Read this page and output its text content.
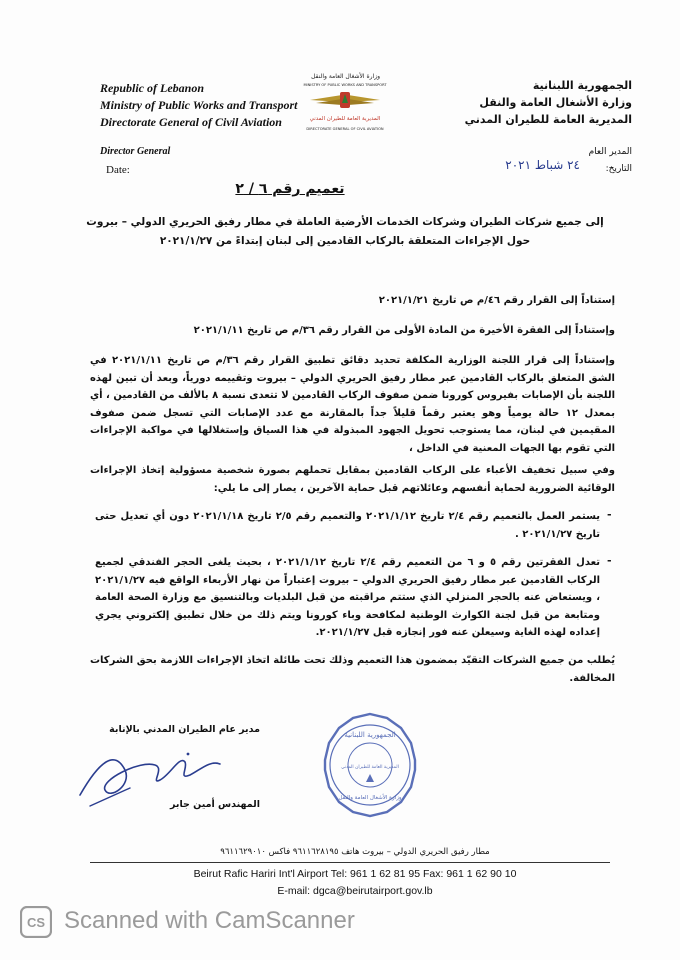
Republic of Lebanon
Ministry of Public Works and Transport
Directorate General of Civil Aviation
Director General
Date:
وزارة الأشغال العامة والنقل
MINISTRY OF PUBLIC WORKS AND TRANSPORT
المديرية العامة للطيران المدني
DIRECTORATE GENERAL OF CIVIL AVIATION
الجمهورية اللبنانية
وزارة الأشغال العامة والنقل
المديرية العامة للطيران المدني
المدير العام
التاريخ:
٢٤ شباط ٢٠٢١
تعميم رقم ٦ / ٢
إلى جميع شركات الطيران وشركات الخدمات الأرضية العاملة في مطار رفيق الحريري الدولي – بيروت
حول الإجراءات المتعلقة بالركاب القادمين إلى لبنان إبتداءً من ٢٠٢١/١/٢٧
إستناداً إلى القرار رقم ٤٦/م ص تاريخ ٢٠٢١/١/٢١
وإستناداً إلى الفقرة الأخيرة من المادة الأولى من القرار رقم ٣٦/م ص تاريخ ٢٠٢١/١/١١
وإستناداً إلى قرار اللجنة الوزارية المكلفة تحديد دقائق تطبيق القرار رقم ٣٦/م ص تاريخ ٢٠٢١/١/١١ في الشق المتعلق بالركاب القادمين عبر مطار رفيق الحريري الدولي – بيروت وتقييمه دورياً، وبعد أن تبين لهذه اللجنة بأن الإصابات بفيروس كورونا ضمن صفوف الركاب القادمين لا تتعدى نسبة ٨ بالألف من القادمين ، أي بمعدل ١٢ حالة يومياً وهو يعتبر رقماً قليلاً جداً بالمقارنة مع عدد الإصابات التي تسجل ضمن صفوف المقيمين في لبنان، مما يستوجب تحويل الجهود المبذولة في هذا السياق وإستغلالها في مواكبة الإجراءات التي تقوم بها الجهات المعنية في الداخل ،
وفي سبيل تخفيف الأعباء على الركاب القادمين بمقابل تحملهم بصورة شخصية مسؤولية إتخاذ الإجراءات الوقائية الضرورية لحماية أنفسهم وعائلاتهم قبل حماية الآخرين ، يصار إلى ما يلي:
يستمر العمل بالتعميم رقم ٢/٤ تاريخ ٢٠٢١/١/١٢ والتعميم رقم ٢/٥ تاريخ ٢٠٢١/١/١٨ دون أي تعديل حتى تاريخ ٢٠٢١/١/٢٧ .
-
تعدل الفقرتين رقم ٥ و ٦ من التعميم رقم ٢/٤ تاريخ ٢٠٢١/١/١٢ ، بحيث يلغى الحجر الفندقي لجميع الركاب القادمين عبر مطار رفيق الحريري الدولي – بيروت إعتباراً من نهار الأربعاء الواقع فيه ٢٠٢١/١/٢٧ ، ويستعاض عنه بالحجر المنزلي الذي ستتم مراقبته من قبل البلديات وبالتنسيق مع وزارة الصحة العامة ومتابعة من قبل لجنة الكوارث الوطنية لمكافحة وباء كورونا ويتم ذلك من خلال تطبيق إلكتروني يجري إعداده لهذه الغاية وسيعلن عنه فور إنجازه قبل ٢٠٢١/١/٢٧.
-
يُطلب من جميع الشركات التقيّد بمضمون هذا التعميم وذلك تحت طائلة اتخاذ الإجراءات اللازمة بحق الشركات المخالفة.
مدير عام الطيران المدني بالإنابة
المهندس أمين جابر
الجمهورية اللبنانية
المديرية العامة للطيران المدني
وزارة الأشغال العامة والنقل
مطار رفيق الحريري الدولي – بيروت هاتف ٩٦١١٦٢٨١٩٥ فاكس ٩٦١١٦٢٩٠١٠
Beirut Rafic Hariri Int'l Airport Tel: 961 1 62 81 95 Fax: 961 1 62 90 10
E-mail: dgca@beirutairport.gov.lb
CS Scanned with CamScanner
